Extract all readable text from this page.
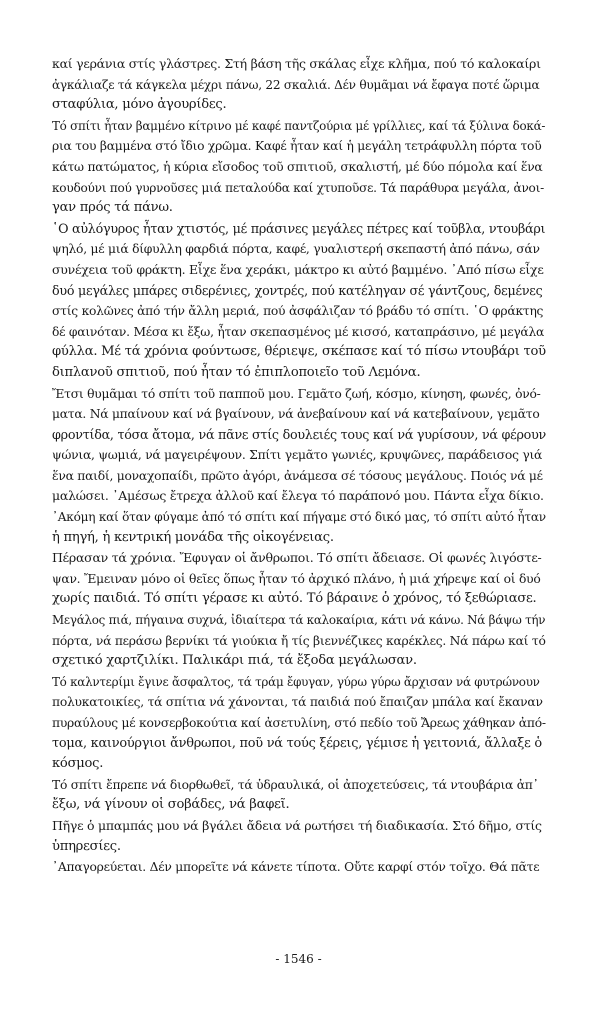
καί γεράνια στίς γλάστρες. Στή βάση τῆς σκάλας εἶχε κλῆμα, πού τό καλοκαίρι
ἀγκάλιαζε τά κάγκελα μέχρι πάνω, 22 σκαλιά. Δέν θυμᾶμαι νά ἔφαγα ποτέ ὥριμα
σταφύλια, μόνο ἀγουρίδες.
Τό σπίτι ἦταν βαμμένο κίτρινο μέ καφέ παντζούρια μέ γρίλλιες, καί τά ξύλινα δοκά-
ρια του βαμμένα στό ἴδιο χρῶμα. Καφέ ἦταν καί ἡ μεγάλη τετράφυλλη πόρτα τοῦ
κάτω πατώματος, ἡ κύρια εἴσοδος τοῦ σπιτιοῦ, σκαλιστή, μέ δύο πόμολα καί ἕνα
κουδούνι πού γυρνοῦσες μιά πεταλούδα καί χτυποῦσε. Τά παράθυρα μεγάλα, ἀνοι-
γαν πρός τά πάνω.
῾Ο αὐλόγυρος ἦταν χτιστός, μέ πράσινες μεγάλες πέτρες καί τοῦβλα, ντουβάρι
ψηλό, μέ μιά δίφυλλη φαρδιά πόρτα, καφέ, γυαλιστερή σκεπαστή ἀπό πάνω, σάν
συνέχεια τοῦ φράκτη. Εἶχε ἕνα χεράκι, μάκτρο κι αὐτό βαμμένο. ᾿Από πίσω εἶχε
δυό μεγάλες μπάρες σιδερένιες, χοντρές, πού κατέληγαν σέ γάντζους, δεμένες
στίς κολῶνες ἀπό τήν ἄλλη μεριά, πού ἀσφάλιζαν τό βράδυ τό σπίτι. ῾Ο φράκτης
δέ φαινόταν. Μέσα κι ἔξω, ἦταν σκεπασμένος μέ κισσό, καταπράσινο, μέ μεγάλα
φύλλα. Μέ τά χρόνια φούντωσε, θέριεψε, σκέπασε καί τό πίσω ντουβάρι τοῦ
διπλανοῦ σπιτιοῦ, πού ἦταν τό ἐπιπλοποιεῖο τοῦ Λεμόνα.
Ἔτσι θυμᾶμαι τό σπίτι τοῦ παπποῦ μου. Γεμᾶτο ζωή, κόσμο, κίνηση, φωνές, ὀνό-
ματα. Νά μπαίνουν καί νά βγαίνουν, νά ἀνεβαίνουν καί νά κατεβαίνουν, γεμᾶτο
φροντίδα, τόσα ἄτομα, νά πᾶνε στίς δουλειές τους καί νά γυρίσουν, νά φέρουν
ψώνια, ψωμιά, νά μαγειρέψουν. Σπίτι γεμᾶτο γωνιές, κρυψῶνες, παράδεισος γιά
ἕνα παιδί, μοναχοπαίδι, πρῶτο ἀγόρι, ἀνάμεσα σέ τόσους μεγάλους. Ποιός νά μέ
μαλώσει. ᾿Αμέσως ἔτρεχα ἀλλοῦ καί ἔλεγα τό παράπονό μου. Πάντα εἶχα δίκιο.
᾿Ακόμη καί ὅταν φύγαμε ἀπό τό σπίτι καί πήγαμε στό δικό μας, τό σπίτι αὐτό ἦταν
ἡ πηγή, ἡ κεντρική μονάδα τῆς οἰκογένειας.
Πέρασαν τά χρόνια. Ἔφυγαν οἱ ἄνθρωποι. Τό σπίτι ἄδειασε. Οἱ φωνές λιγόστε-
ψαν. Ἔμειναν μόνο οἱ θεῖες ὅπως ἦταν τό ἀρχικό πλάνο, ἡ μιά χήρεψε καί οἱ δυό
χωρίς παιδιά. Τό σπίτι γέρασε κι αὐτό. Τό βάραινε ὁ χρόνος, τό ξεθώριασε.
Μεγάλος πιά, πήγαινα συχνά, ἰδιαίτερα τά καλοκαίρια, κάτι νά κάνω. Νά βάψω τήν
πόρτα, νά περάσω βερνίκι τά γιούκια ἤ τίς βιεννέζικες καρέκλες. Νά πάρω καί τό
σχετικό χαρτζιλίκι. Παλικάρι πιά, τά ἔξοδα μεγάλωσαν.
Τό καλντερίμι ἔγινε ἄσφαλτος, τά τράμ ἔφυγαν, γύρω γύρω ἄρχισαν νά φυτρώνουν
πολυκατοικίες, τά σπίτια νά χάνονται, τά παιδιά πού ἔπαιζαν μπάλα καί ἔκαναν
πυραύλους μέ κονσερβοκούτια καί ἀσετυλίνη, στό πεδίο τοῦ Ἄρεως χάθηκαν ἀπό-
τομα, καινούργιοι ἄνθρωποι, ποῦ νά τούς ξέρεις, γέμισε ἡ γειτονιά, ἄλλαξε ὁ
κόσμος.
Τό σπίτι ἔπρεπε νά διορθωθεῖ, τά ὑδραυλικά, οἱ ἀποχετεύσεις, τά ντουβάρια ἀπ᾿
ἔξω, νά γίνουν οἱ σοβάδες, νά βαφεῖ.
Πῆγε ὁ μπαμπάς μου νά βγάλει ἄδεια νά ρωτήσει τή διαδικασία. Στό δῆμο, στίς
ὑπηρεσίες.
᾿Απαγορεύεται. Δέν μπορεῖτε νά κάνετε τίποτα. Οὔτε καρφί στόν τοῖχο. Θά πᾶτε
- 1546 -
